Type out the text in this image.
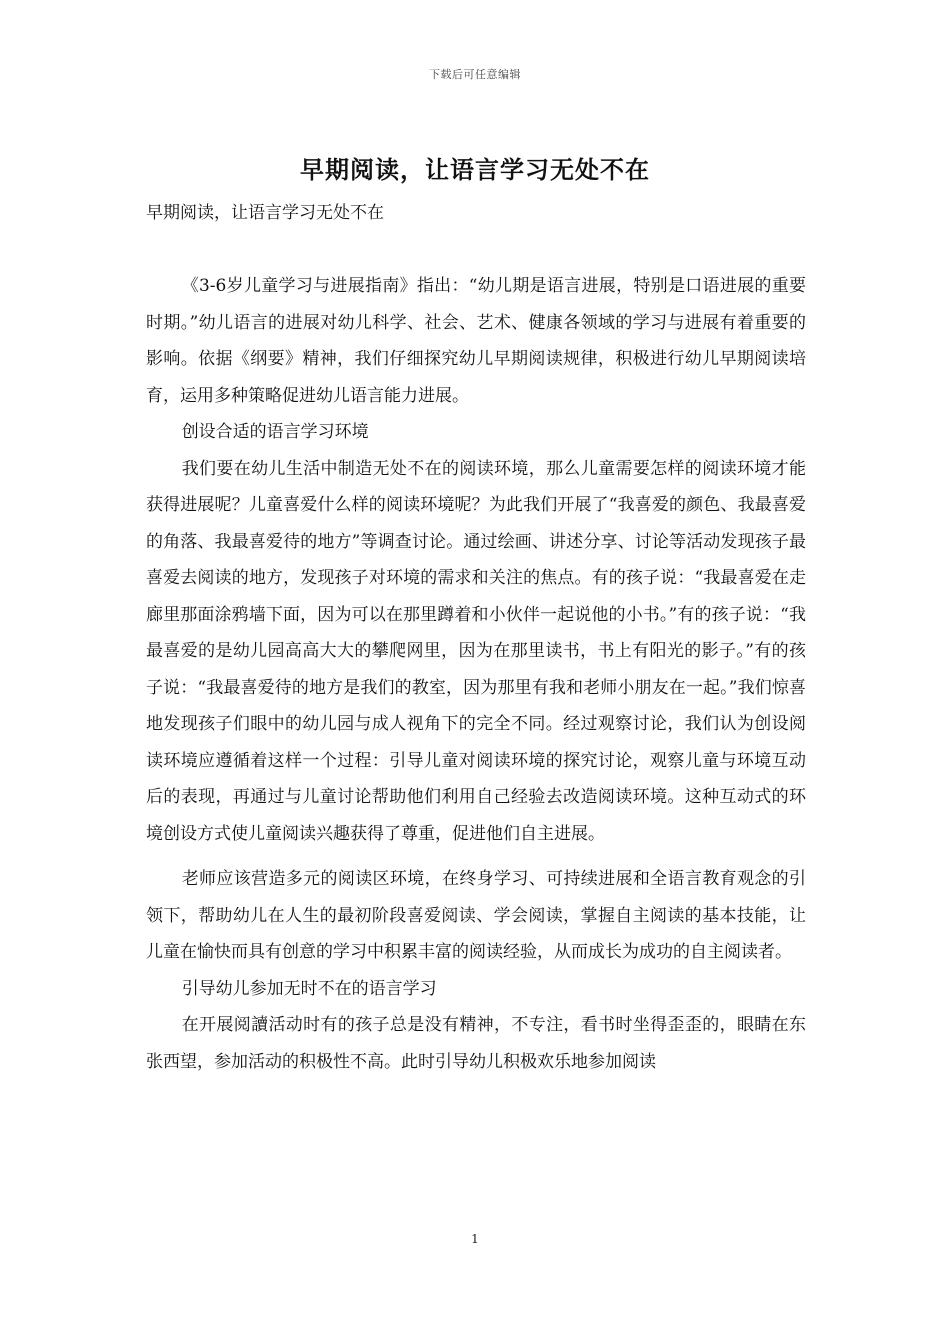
下载后可任意编辑
早期阅读，让语言学习无处不在
早期阅读，让语言学习无处不在

《3-6岁儿童学习与进展指南》指出：“幼儿期是语言进展，特别是口语进展的重要时期。”幼儿语言的进展对幼儿科学、社会、艺术、健康各领域的学习与进展有着重要的影响。依据《纲要》精神，我们仔细探究幼儿早期阅读规律，积极进行幼儿早期阅读培育，运用多种策略促进幼儿语言能力进展。

创设合适的语言学习环境

我们要在幼儿生活中制造无处不在的阅读环境，那么儿童需要怎样的阅读环境才能获得进展呢？儿童喜爱什么样的阅读环境呢？为此我们开展了“我喜爱的颜色、我最喜爱的角落、我最喜爱待的地方”等调查讨论。通过绘画、讲述分享、讨论等活动发现孩子最喜爱去阅读的地方，发现孩子对环境的需求和关注的焦点。有的孩子说：“我最喜爱在走廊里那面涂鸦墙下面，因为可以在那里蹲着和小伙伴一起说他的小书。”有的孩子说：“我最喜爱的是幼儿园高高大大的攀爬网里，因为在那里读书，书上有阳光的影子。”有的孩子说：“我最喜爱待的地方是我们的教室，因为那里有我和老师小朋友在一起。”我们惊喜地发现孩子们眼中的幼儿园与成人视角下的完全不同。经过观察讨论，我们认为创设阅读环境应遵循着这样一个过程：引导儿童对阅读环境的探究讨论，观察儿童与环境互动后的表现，再通过与儿童讨论帮助他们利用自己经验去改造阅读环境。这种互动式的环境创设方式使儿童阅读兴趣获得了尊重，促进他们自主进展。

老师应该营造多元的阅读区环境，在终身学习、可持续进展和全语言教育观念的引领下，帮助幼儿在人生的最初阶段喜爱阅读、学会阅读，掌握自主阅读的基本技能，让儿童在愉快而具有创意的学习中积累丰富的阅读经验，从而成长为成功的自主阅读者。

引导幼儿参加无时不在的语言学习

在开展阅讀活动时有的孩子总是没有精神，不专注，看书时坐得歪歪的，眼睛在东张西望，参加活动的积极性不高。此时引导幼儿积极欢乐地参加阅读

1
